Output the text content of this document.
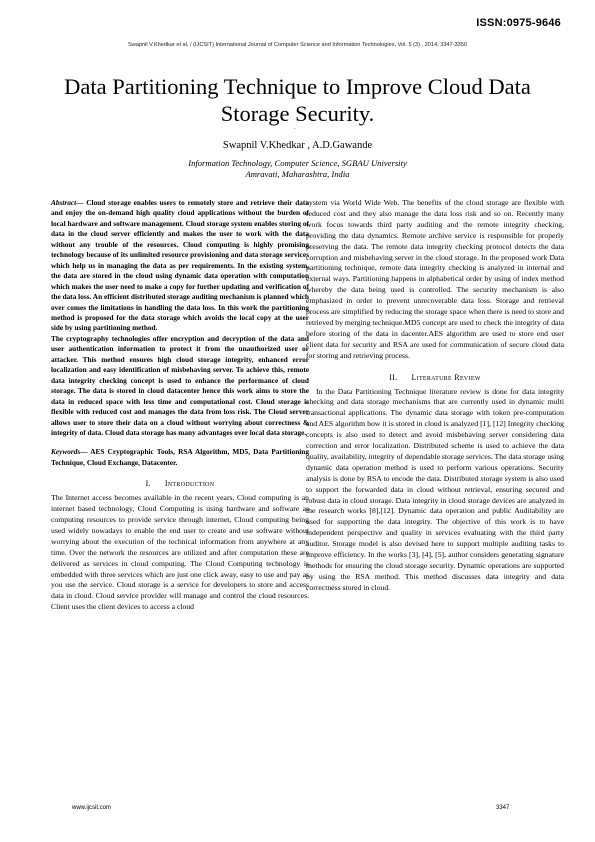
ISSN:0975-9646
Swapnil V.Khedkar et al, / (IJCSIT) International Journal of Computer Science and Information Technologies, Vol. 5 (3) , 2014, 3347-3350
Data Partitioning Technique to Improve Cloud Data Storage Security.
.
Swapnil V.Khedkar , A.D.Gawande
Information Technology, Computer Science, SGBAU University
Amravati, Maharashtra, India

Abstract— Cloud storage enables users to remotely store and retrieve their data and enjoy the on-demand high quality cloud applications without the burden of local hardware and software management. Cloud storage system enables storing of data in the cloud server efficiently and makes the user to work with the data without any trouble of the resources. Cloud computing is highly promising technology because of its unlimited resource provisioning and data storage services which help us in managing the data as per requirements. In the existing system, the data are stored in the cloud using dynamic data operation with computation which makes the user need to make a copy for further updating and verification of the data loss. An efficient distributed storage auditing mechanism is planned which over comes the limitations in handling the data loss. In this work the partitioning method is proposed for the data storage which avoids the local copy at the user side by using partitioning method.

The cryptography technologies offer encryption and decryption of the data and user authentication information to protect it from the unauthorized user or attacker. This method ensures high cloud storage integrity, enhanced error localization and easy identification of misbehaving server. To achieve this, remote data integrity checking concept is used to enhance the performance of cloud storage. The data is stored in cloud datacenter hence this work aims to store the data in reduced space with less time and computational cost. Cloud storage is flexible with reduced cost and manages the data from loss risk. The Cloud server allows user to store their data on a cloud without worrying about correctness & integrity of data. Cloud data storage has many advantages over local data storage.

Keywords— AES Cryptographic Tools, RSA Algorithm, MD5, Data Partitioning Technique, Cloud Exchange, Datacenter.

I. Introduction

The Internet access becomes available in the recent years, Cloud computing is an internet based technology, Cloud Computing is using hardware and software as computing resources to provide service through internet, Cloud computing being used widely nowadays to enable the end user to create and use software without worrying about the execution of the technical information from anywhere at any time. Over the network the resources are utilized and after computation these are delivered as services in cloud computing. The Cloud Computing technology is embedded with three services which are just one click away, easy to use and pay as you use the service. Cloud storage is a service for developers to store and access data in cloud. Cloud service provider will manage and control the cloud resources. Client uses the client devices to access a cloud

system via World Wide Web. The benefits of the cloud storage are flexible with reduced cost and they also manage the data loss risk and so on. Recently many work focus towards third party auditing and the remote integrity checking, providing the data dynamics. Remote archive service is responsible for properly preserving the data. The remote data integrity checking protocol detects the data corruption and misbehaving server in the cloud storage. In the proposed work Data partitioning technique, remote data integrity checking is analyzed in internal and external ways. Partitioning happens in alphabetical order by using of index method whereby the data being used is controlled. The security mechanism is also emphasized in order to prevent unrecoverable data loss. Storage and retrieval process are simplified by reducing the storage space when there is need to store and retrieved by merging technique.MD5 concept are used to check the integrity of data before storing of the data in dacenter.AES algorithm are used to store end user client data for security and RSA are used for communication of secure cloud data for storing and retrieving process.

II. Literature Review

In the Data Partitioning Technique literature review is done for data integrity checking and data storage mechanisms that are currently used in dynamic multi transactional applications. The dynamic data storage with token pre-computation and AES algorithm how it is stored in cloud is analyzed [1], [12] Integrity checking concepts is also used to detect and avoid misbehaving server considering data correction and error localization. Distributed scheme is used to achieve the data quality, availability, integrity of dependable storage services. The data storage using dynamic data operation method is used to perform various operations. Security analysis is done by RSA to encode the data. Distributed storage system is also used to support the forwarded data in cloud without retrieval, ensuring secured and robust data in cloud storage. Data integrity in cloud storage devices are analyzed in the research works [8],[12]. Dynamic data operation and public Auditability are used for supporting the data integrity. The objective of this work is to have independent perspective and quality in services evaluating with the third party auditor. Storage model is also devised here to support multiple auditing tasks to improve efficiency. In the works [3], [4], [5], author considers generating signature methods for ensuring the cloud storage security. Dynamic operations are supported by using the RSA method. This method discusses data integrity and data correctness stored in cloud.

www.ijcsit.com	3347
